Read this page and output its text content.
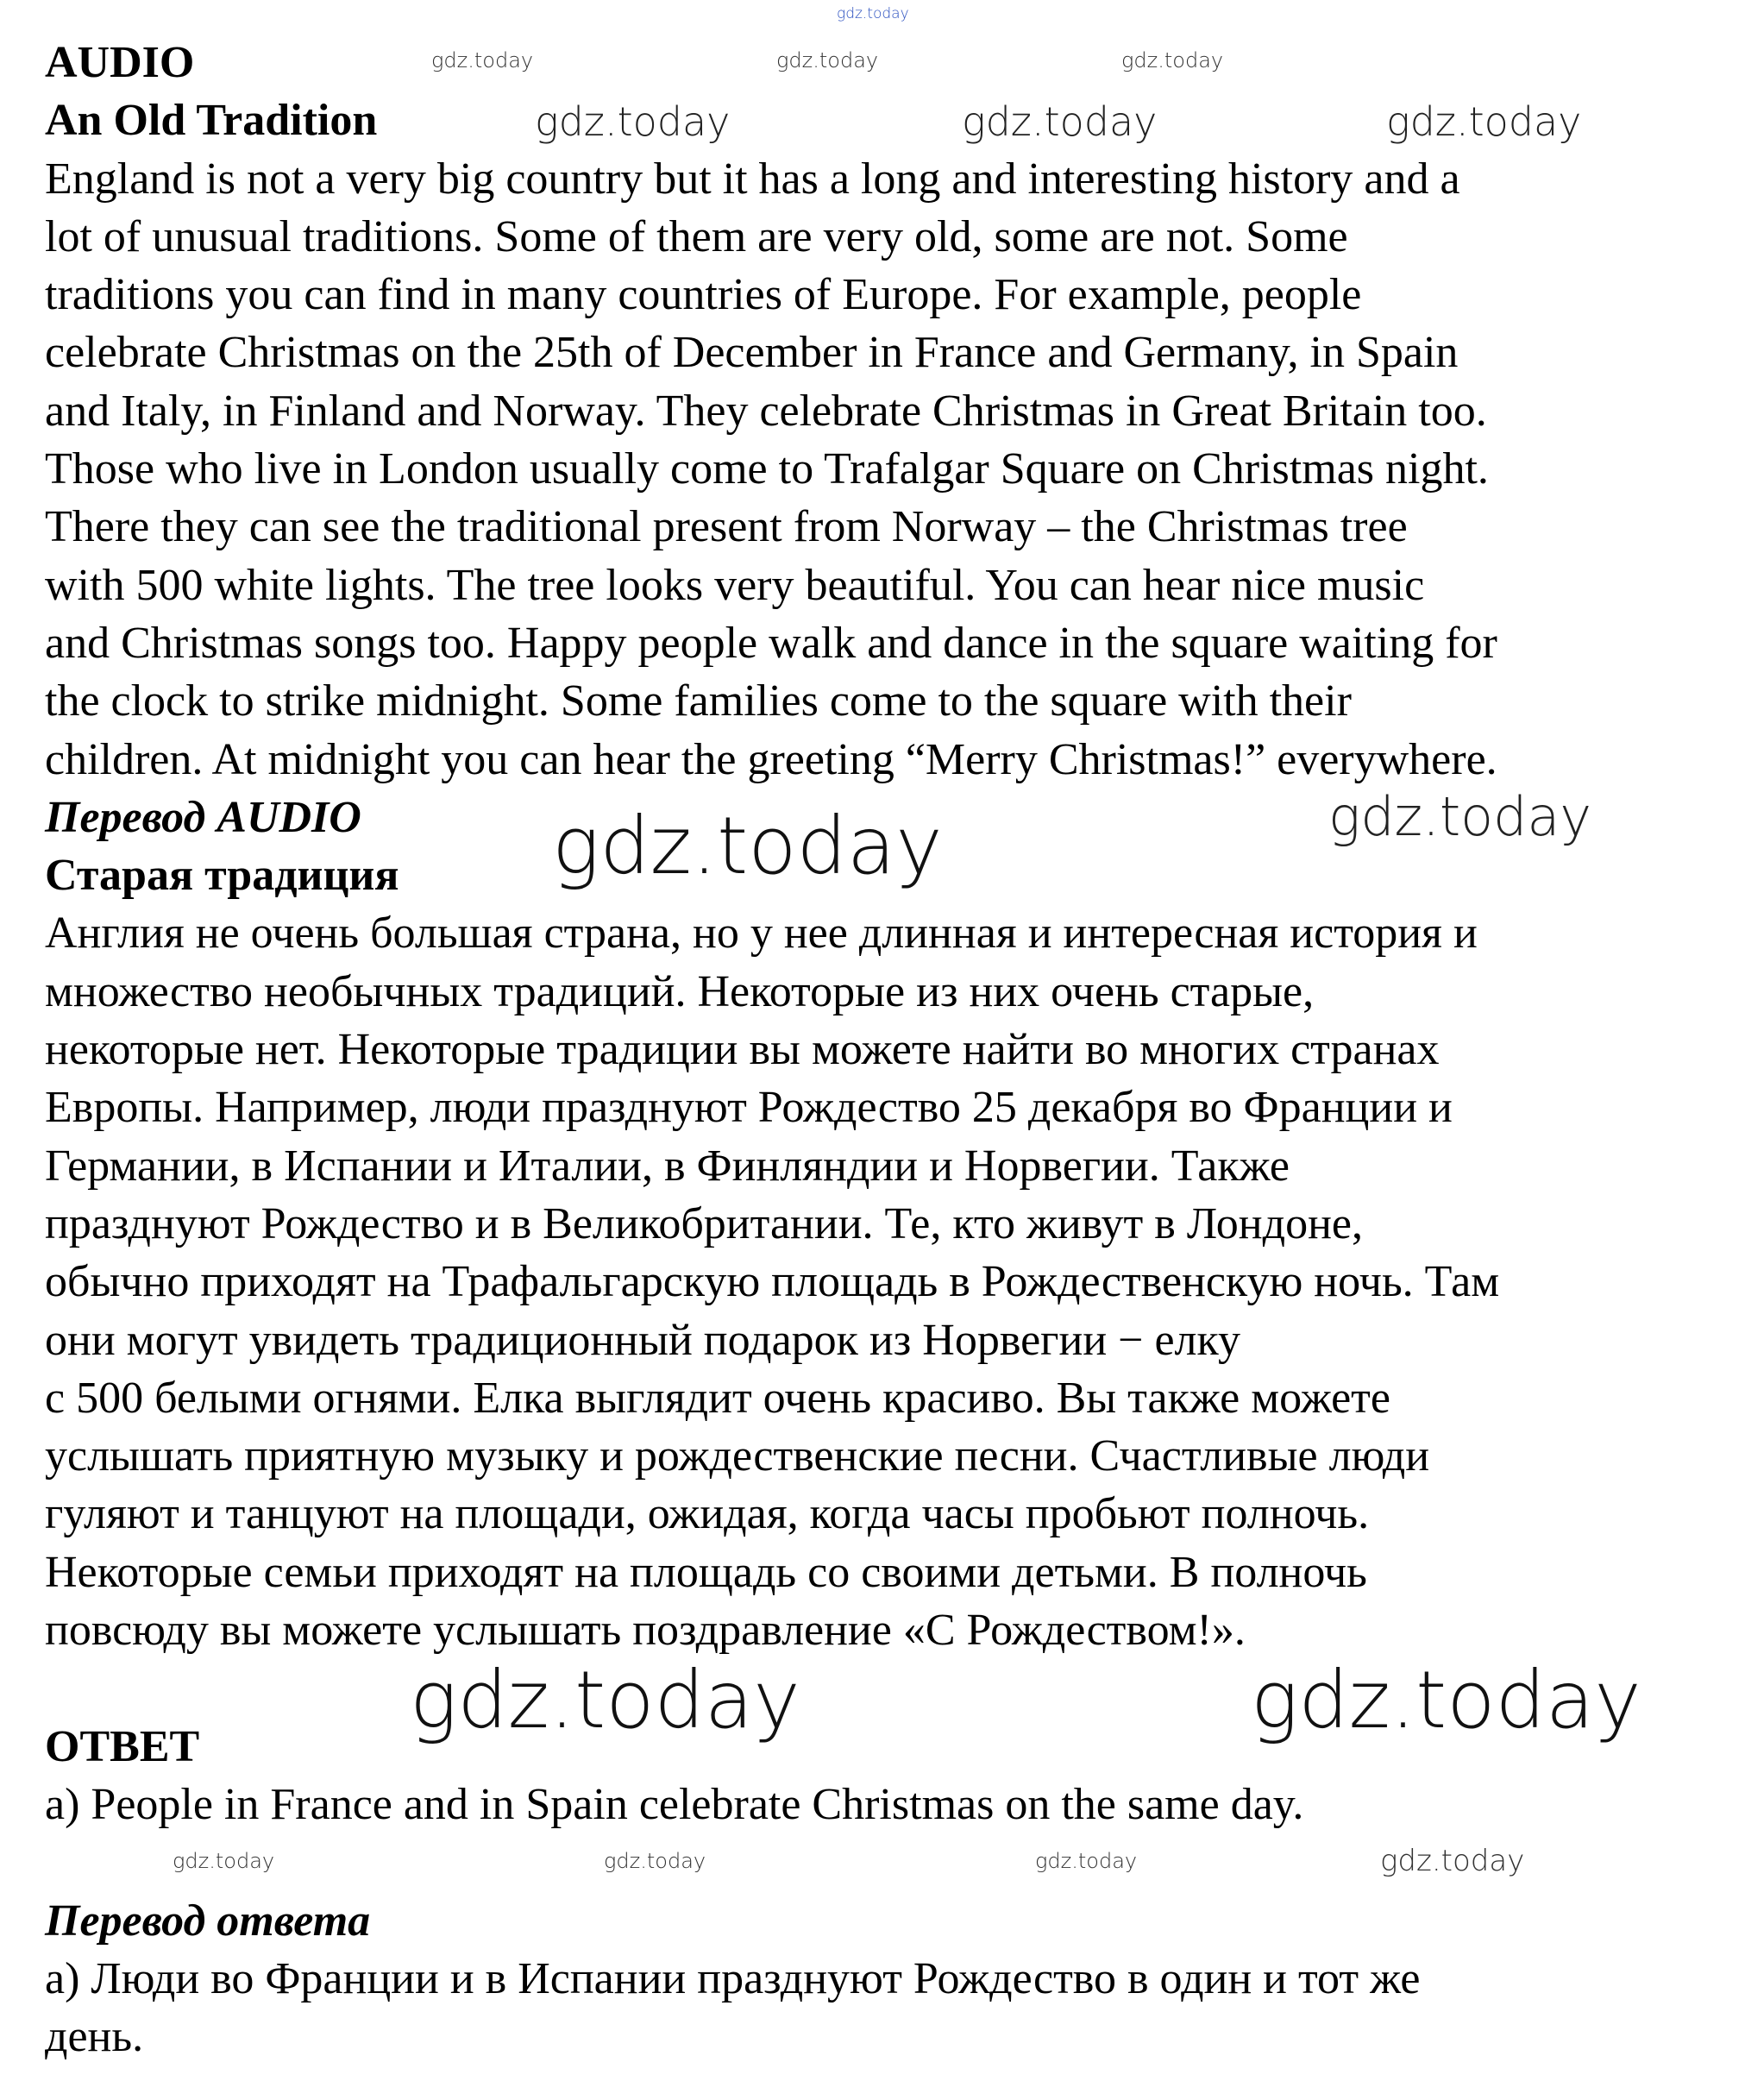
AUDIO
An Old Tradition
England is not a very big country but it has a long and interesting history and a
lot of unusual traditions. Some of them are very old, some are not. Some
traditions you can find in many countries of Europe. For example, people
celebrate Christmas on the 25th of December in France and Germany, in Spain
and Italy, in Finland and Norway. They celebrate Christmas in Great Britain too.
Those who live in London usually come to Trafalgar Square on Christmas night.
There they can see the traditional present from Norway – the Christmas tree
with 500 white lights. The tree looks very beautiful. You can hear nice music
and Christmas songs too. Happy people walk and dance in the square waiting for
the clock to strike midnight. Some families come to the square with their
children. At midnight you can hear the greeting “Merry Christmas!” everywhere.
Перевод AUDIO
Старая традиция
Англия не очень большая страна, но у нее длинная и интересная история и
множество необычных традиций. Некоторые из них очень старые,
некоторые нет. Некоторые традиции вы можете найти во многих странах
Европы. Например, люди празднуют Рождество 25 декабря во Франции и
Германии, в Испании и Италии, в Финляндии и Норвегии. Также
празднуют Рождество и в Великобритании. Те, кто живут в Лондоне,
обычно приходят на Трафальгарскую площадь в Рождественскую ночь. Там
они могут увидеть традиционный подарок из Норвегии − елку
с 500 белыми огнями. Елка выглядит очень красиво. Вы также можете
услышать приятную музыку и рождественские песни. Счастливые люди
гуляют и танцуют на площади, ожидая, когда часы пробьют полночь.
Некоторые семьи приходят на площадь со своими детьми. В полночь
повсюду вы можете услышать поздравление «С Рождеством!».
ОТВЕТ
a) People in France and in Spain celebrate Christmas on the same day.
Перевод ответа
а) Люди во Франции и в Испании празднуют Рождество в один и тот же
день.
gdz.today
gdz.today	gdz.today	gdz.today
gdz.today	gdz.today	gdz.today
gdz.today
gdz.today
gdz.today	gdz.today
gdz.today	gdz.today	gdz.today	gdz.today
